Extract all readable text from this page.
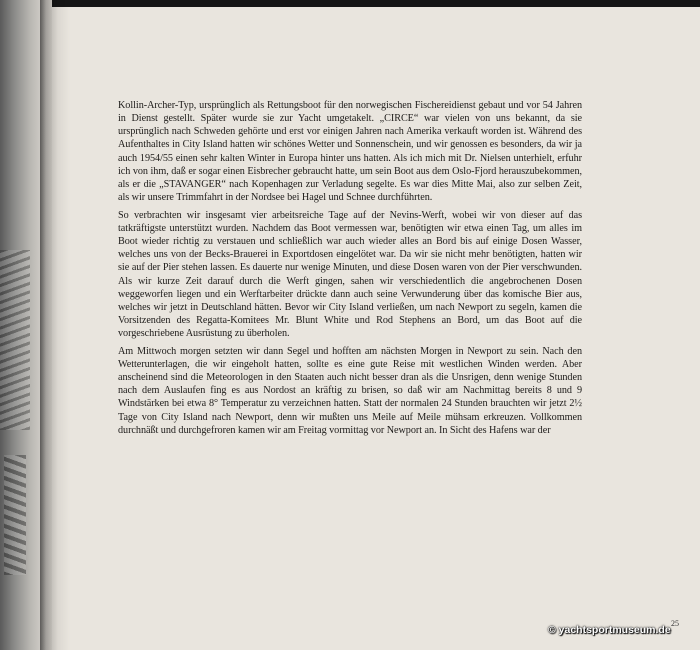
Kollin-Archer-Typ, ursprünglich als Rettungsboot für den norwegischen Fischereidienst gebaut und vor 54 Jahren in Dienst gestellt. Später wurde sie zur Yacht umgetakelt. „CIRCE“ war vielen von uns bekannt, da sie ursprünglich nach Schweden gehörte und erst vor einigen Jahren nach Amerika verkauft worden ist. Während des Aufenthaltes in City Island hatten wir schönes Wetter und Sonnenschein, und wir genossen es besonders, da wir ja auch 1954/55 einen sehr kalten Winter in Europa hinter uns hatten. Als ich mich mit Dr. Nielsen unterhielt, erfuhr ich von ihm, daß er sogar einen Eisbrecher gebraucht hatte, um sein Boot aus dem Oslo-Fjord herauszubekommen, als er die „STAVANGER“ nach Kopenhagen zur Verladung segelte. Es war dies Mitte Mai, also zur selben Zeit, als wir unsere Trimmfahrt in der Nordsee bei Hagel und Schnee durchführten.

So verbrachten wir insgesamt vier arbeitsreiche Tage auf der Nevins-Werft, wobei wir von dieser auf das tatkräftigste unterstützt wurden. Nachdem das Boot vermessen war, benötigten wir etwa einen Tag, um alles im Boot wieder richtig zu verstauen und schließlich war auch wieder alles an Bord bis auf einige Dosen Wasser, welches uns von der Becks-Brauerei in Exportdosen eingelötet war. Da wir sie nicht mehr benötigten, hatten wir sie auf der Pier stehen lassen. Es dauerte nur wenige Minuten, und diese Dosen waren von der Pier verschwunden. Als wir kurze Zeit darauf durch die Werft gingen, sahen wir verschiedentlich die angebrochenen Dosen weggeworfen liegen und ein Werftarbeiter drückte dann auch seine Verwunderung über das komische Bier aus, welches wir jetzt in Deutschland hätten. Bevor wir City Island verließen, um nach Newport zu segeln, kamen die Vorsitzenden des Regatta-Komitees Mr. Blunt White und Rod Stephens an Bord, um das Boot auf die vorgeschriebene Ausrüstung zu überholen.

Am Mittwoch morgen setzten wir dann Segel und hofften am nächsten Morgen in Newport zu sein. Nach den Wetterunterlagen, die wir eingeholt hatten, sollte es eine gute Reise mit westlichen Winden werden. Aber anscheinend sind die Meteorologen in den Staaten auch nicht besser dran als die Unsrigen, denn wenige Stunden nach dem Auslaufen fing es aus Nordost an kräftig zu brisen, so daß wir am Nachmittag bereits 8 und 9 Windstärken bei etwa 8° Temperatur zu verzeichnen hatten. Statt der normalen 24 Stunden brauchten wir jetzt 2½ Tage von City Island nach Newport, denn wir mußten uns Meile auf Meile mühsam erkreuzen. Vollkommen durchnäßt und durchgefroren kamen wir am Freitag vormittag vor Newport an. In Sicht des Hafens war der

25
© yachtsportmuseum.de
